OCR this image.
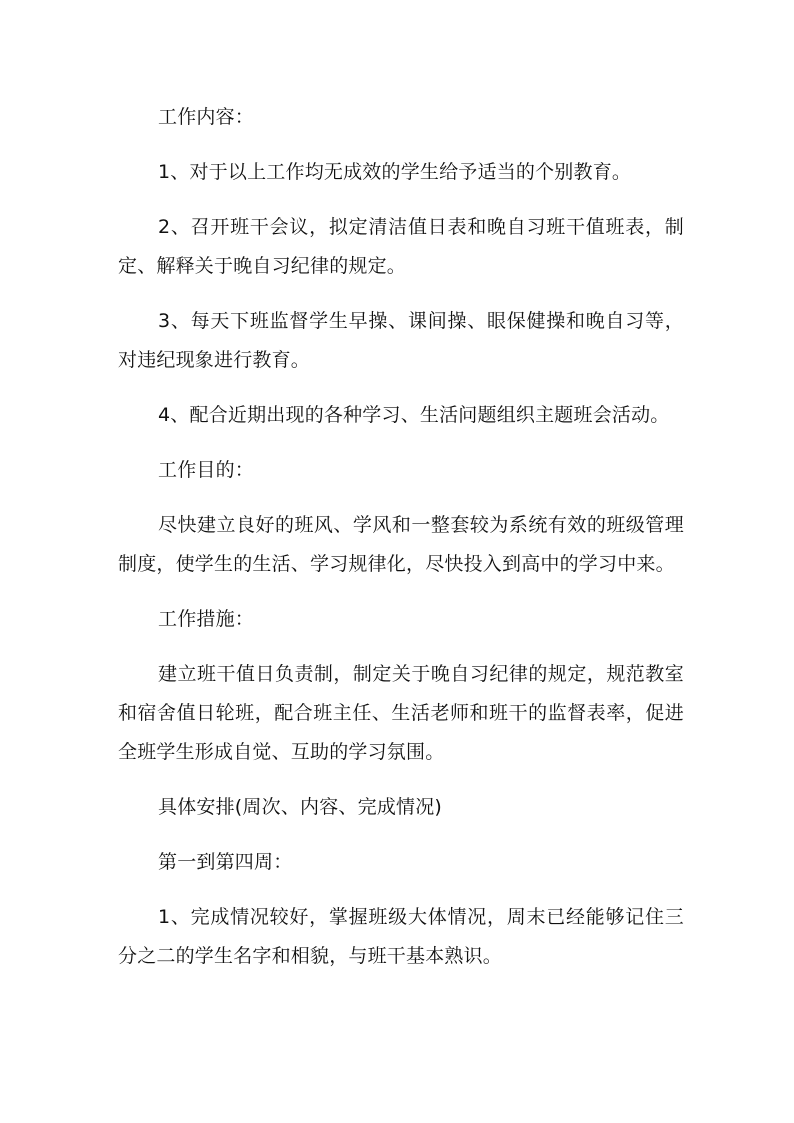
工作内容：

1、对于以上工作均无成效的学生给予适当的个别教育。

2、召开班干会议，拟定清洁值日表和晚自习班干值班表，制定、解释关于晚自习纪律的规定。

3、每天下班监督学生早操、课间操、眼保健操和晚自习等，对违纪现象进行教育。

4、配合近期出现的各种学习、生活问题组织主题班会活动。

工作目的：

尽快建立良好的班风、学风和一整套较为系统有效的班级管理制度，使学生的生活、学习规律化，尽快投入到高中的学习中来。

工作措施：

建立班干值日负责制，制定关于晚自习纪律的规定，规范教室和宿舍值日轮班，配合班主任、生活老师和班干的监督表率，促进全班学生形成自觉、互助的学习氛围。

具体安排(周次、内容、完成情况)

第一到第四周：

1、完成情况较好，掌握班级大体情况，周末已经能够记住三分之二的学生名字和相貌，与班干基本熟识。
